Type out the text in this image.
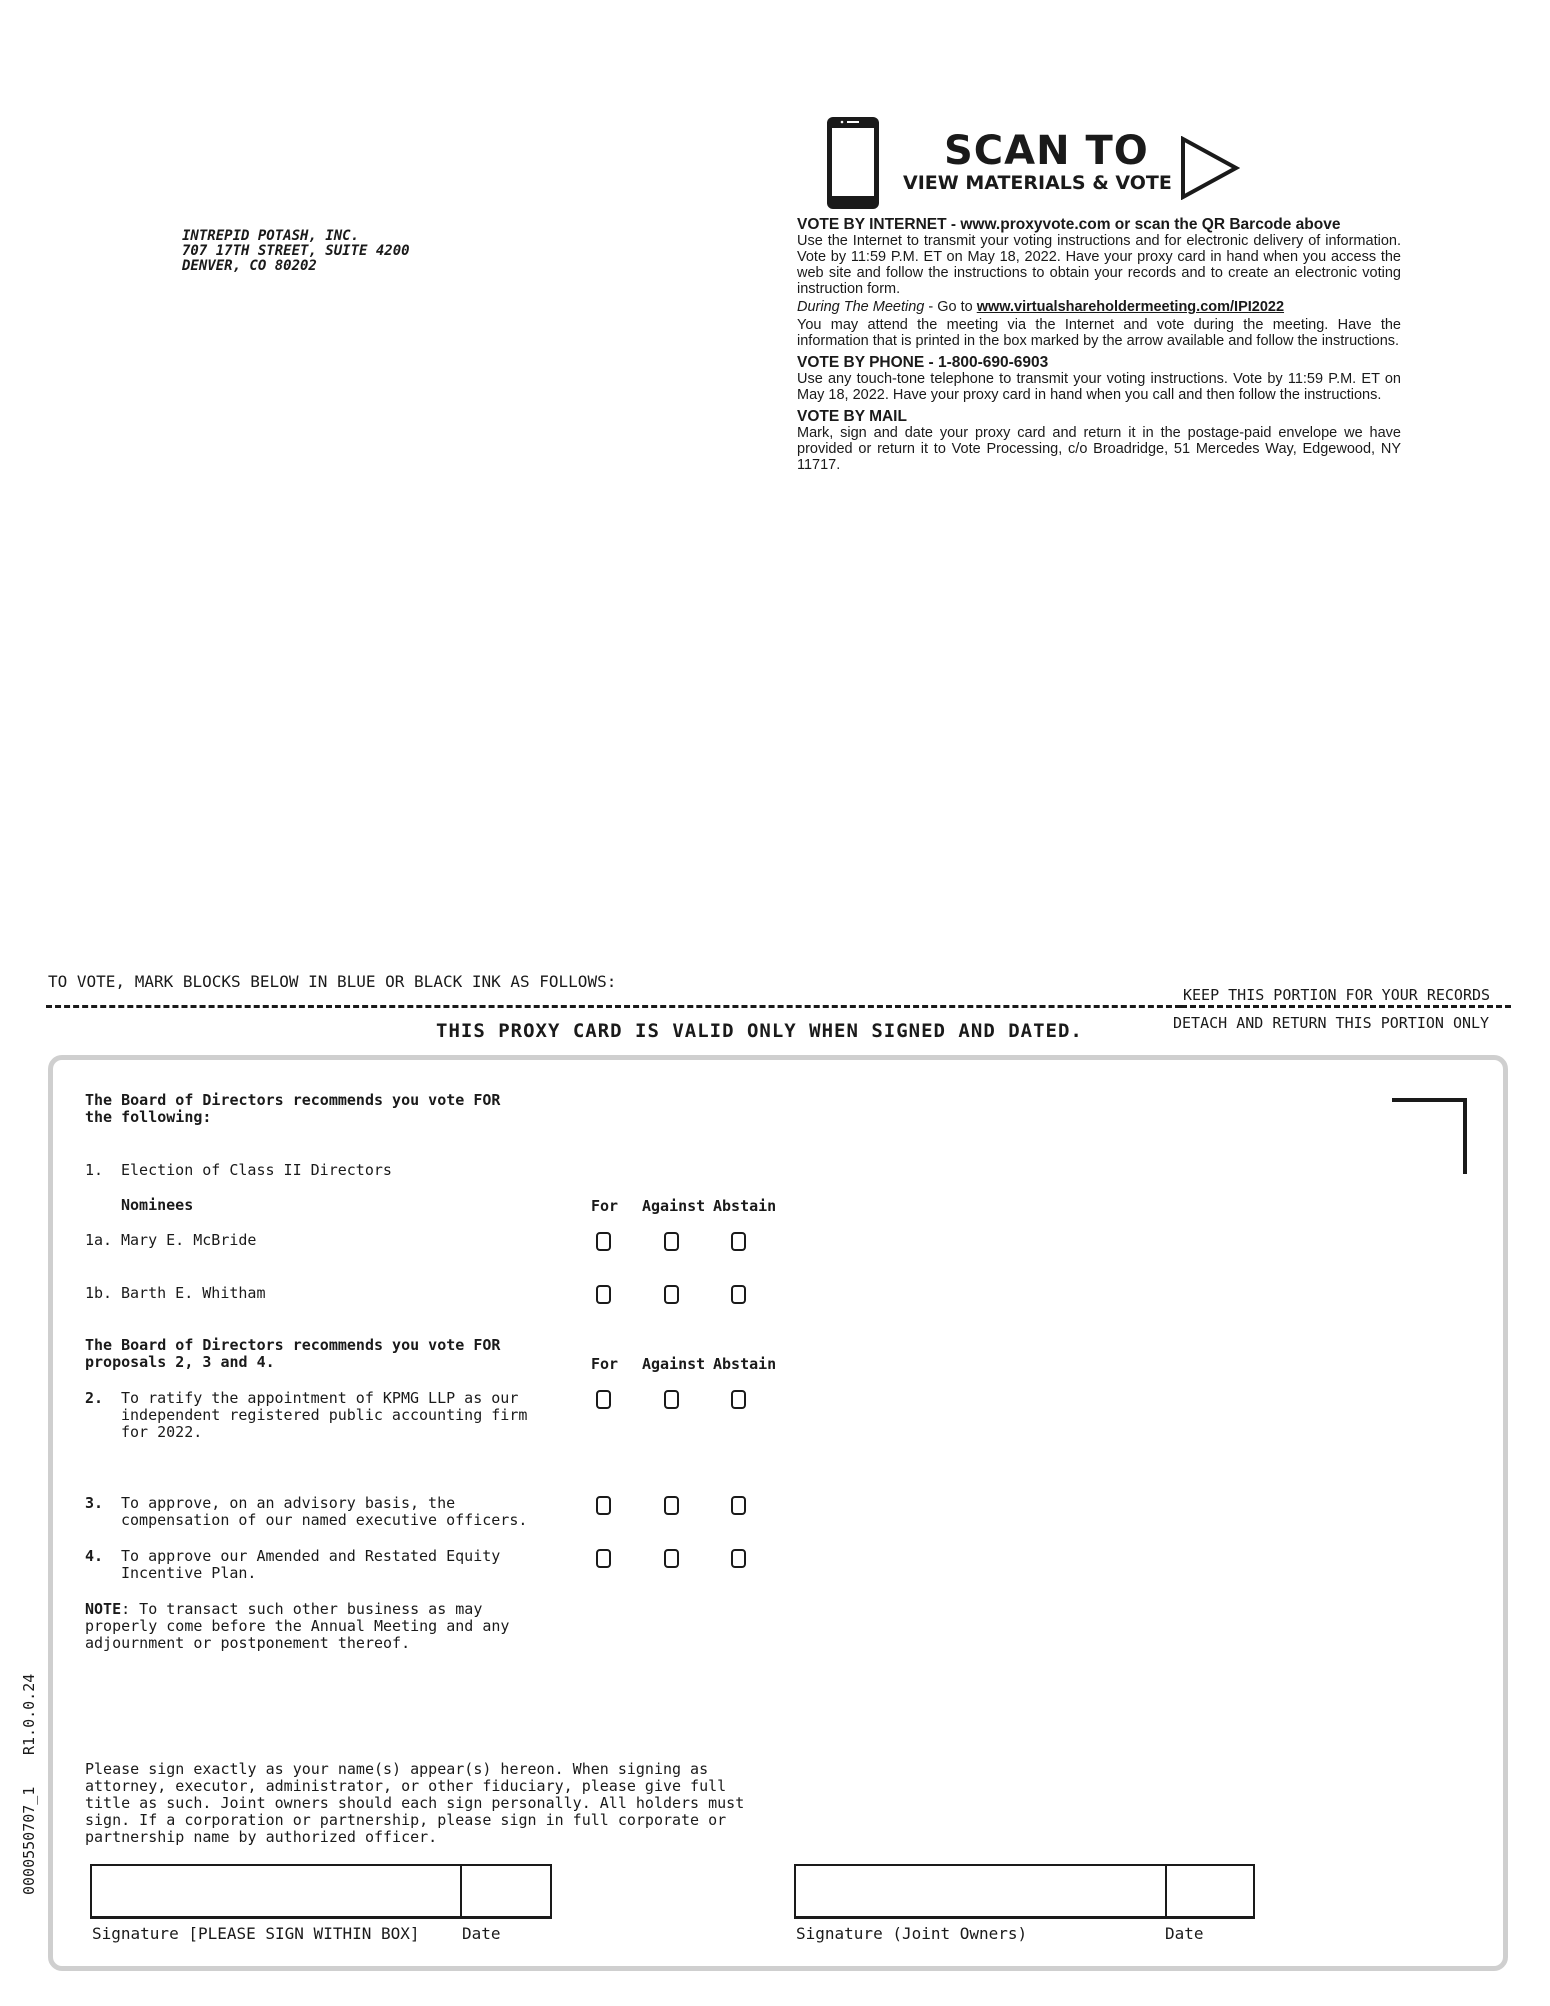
INTREPID POTASH, INC.
707 17TH STREET, SUITE 4200
DENVER, CO 80202
SCAN TO
VIEW MATERIALS & VOTE
VOTE BY INTERNET - www.proxyvote.com or scan the QR Barcode above

Use the Internet to transmit your voting instructions and for electronic delivery of information. Vote by 11:59 P.M. ET on May 18, 2022. Have your proxy card in hand when you access the web site and follow the instructions to obtain your records and to create an electronic voting instruction form.

During The Meeting - Go to www.virtualshareholdermeeting.com/IPI2022

You may attend the meeting via the Internet and vote during the meeting. Have the information that is printed in the box marked by the arrow available and follow the instructions.

VOTE BY PHONE - 1-800-690-6903

Use any touch-tone telephone to transmit your voting instructions. Vote by 11:59 P.M. ET on May 18, 2022. Have your proxy card in hand when you call and then follow the instructions.

VOTE BY MAIL

Mark, sign and date your proxy card and return it in the postage-paid envelope we have provided or return it to Vote Processing, c/o Broadridge, 51 Mercedes Way, Edgewood, NY 11717.

TO VOTE, MARK BLOCKS BELOW IN BLUE OR BLACK INK AS FOLLOWS:
KEEP THIS PORTION FOR YOUR RECORDS
THIS PROXY CARD IS VALID ONLY WHEN SIGNED AND DATED.	DETACH AND RETURN THIS PORTION ONLY
The Board of Directors recommends you vote FOR
the following:
1. Election of Class II Directors
Nominees	For Against Abstain
1a. Mary E. McBride
1b. Barth E. Whitham
The Board of Directors recommends you vote FOR
proposals 2, 3 and 4.	For Against Abstain
2. To ratify the appointment of KPMG LLP as our
independent registered public accounting firm
for 2022.
3. To approve, on an advisory basis, the
compensation of our named executive officers.
4. To approve our Amended and Restated Equity
Incentive Plan.
NOTE: To transact such other business as may
properly come before the Annual Meeting and any
adjournment or postponement thereof.
Please sign exactly as your name(s) appear(s) hereon. When signing as
attorney, executor, administrator, or other fiduciary, please give full
title as such. Joint owners should each sign personally. All holders must
sign. If a corporation or partnership, please sign in full corporate or
partnership name by authorized officer.
Signature [PLEASE SIGN WITHIN BOX]	Date	Signature (Joint Owners)	Date
0000550707_1
R1.0.0.24
